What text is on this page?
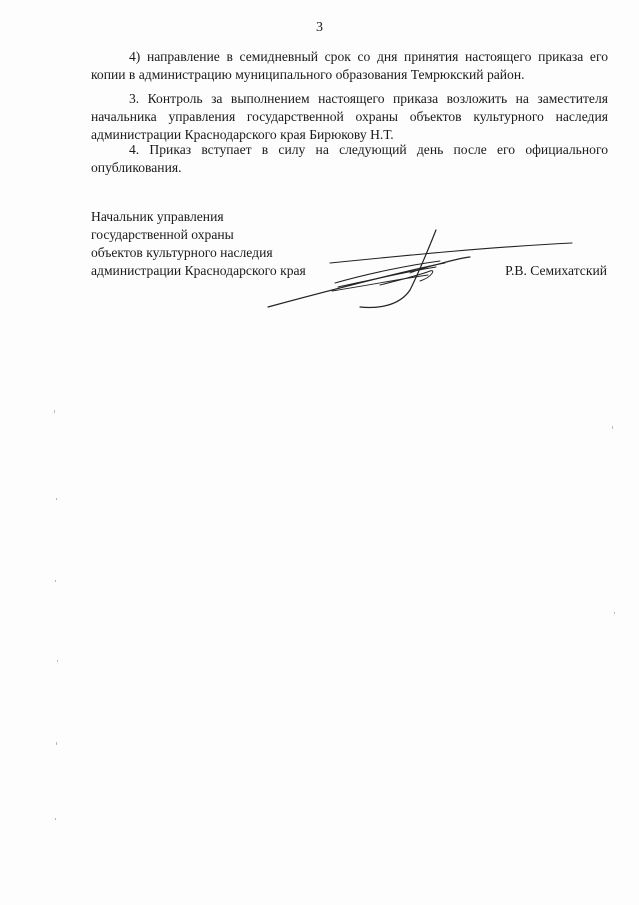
3

4) направление в семидневный срок со дня принятия настоящего приказа его копии в администрацию муниципального образования Темрюкский район.

3. Контроль за выполнением настоящего приказа возложить на заместителя начальника управления государственной охраны объектов культурного наследия администрации Краснодарского края Бирюкову Н.Т.

4. Приказ вступает в силу на следующий день после его официального опубликования.

Начальник управления
государственной охраны
объектов культурного наследия
администрации Краснодарского края	Р.В. Семихатский
